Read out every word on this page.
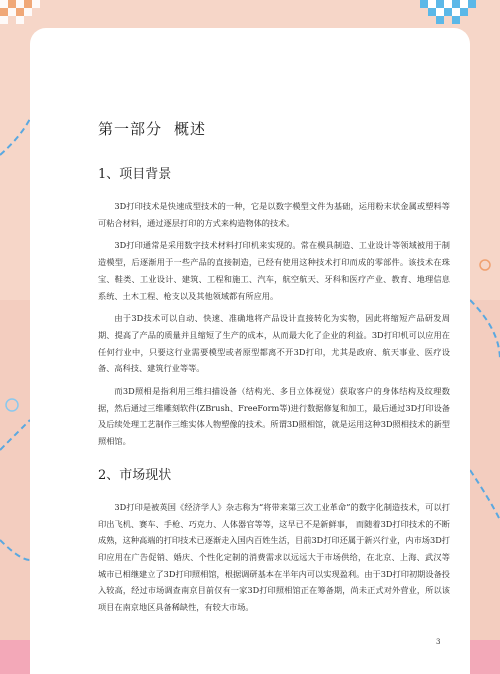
第一部分 概述
1、项目背景

3D打印技术是快速成型技术的一种，它是以数字模型文件为基础，运用粉末状金属或塑料等可粘合材料，通过逐层打印的方式来构造物体的技术。

3D打印通常是采用数字技术材料打印机来实现的。常在模具制造、工业设计等领域被用于制造模型，后逐渐用于一些产品的直接制造，已经有使用这种技术打印而成的零部件。该技术在珠宝、鞋类、工业设计、建筑、工程和施工、汽车，航空航天、牙科和医疗产业、教育、地理信息系统、土木工程、枪支以及其他领域都有所应用。

由于3D技术可以自动、快速、准确地将产品设计直接转化为实物，因此将缩短产品研发周期、提高了产品的质量并且缩短了生产的成本，从而最大化了企业的利益。3D打印机可以应用在任何行业中，只要这行业需要模型或者原型都离不开3D打印，尤其是政府、航天事业、医疗设备、高科技、建筑行业等等。

而3D照相是指利用三维扫描设备（结构光、多目立体视觉）获取客户的身体结构及纹理数据，然后通过三维雕刻软件(ZBrush、FreeForm等)进行数据修复和加工，最后通过3D打印设备及后续处理工艺制作三维实体人物塑像的技术。所谓3D照相馆，就是运用这种3D照相技术的新型照相馆。

2、市场现状

3D打印是被英国《经济学人》杂志称为“将带来第三次工业革命”的数字化制造技术，可以打印出飞机、赛车、手枪、巧克力、人体器官等等，这早已不是新鲜事， 而随着3D打印技术的不断成熟，这种高端的打印技术已逐渐走入国内百姓生活，目前3D打印还属于新兴行业，内市场3D打印应用在广告促销、婚庆、个性化定制的消费需求以远远大于市场供给，在北京、上海、武汉等城市已相继建立了3D打印照相馆，根据调研基本在半年内可以实现盈利。由于3D打印初期设备投入较高，经过市场调查南京目前仅有一家3D打印照相馆正在筹备期，尚未正式对外营业，所以该项目在南京地区具备稀缺性，有较大市场。

3
